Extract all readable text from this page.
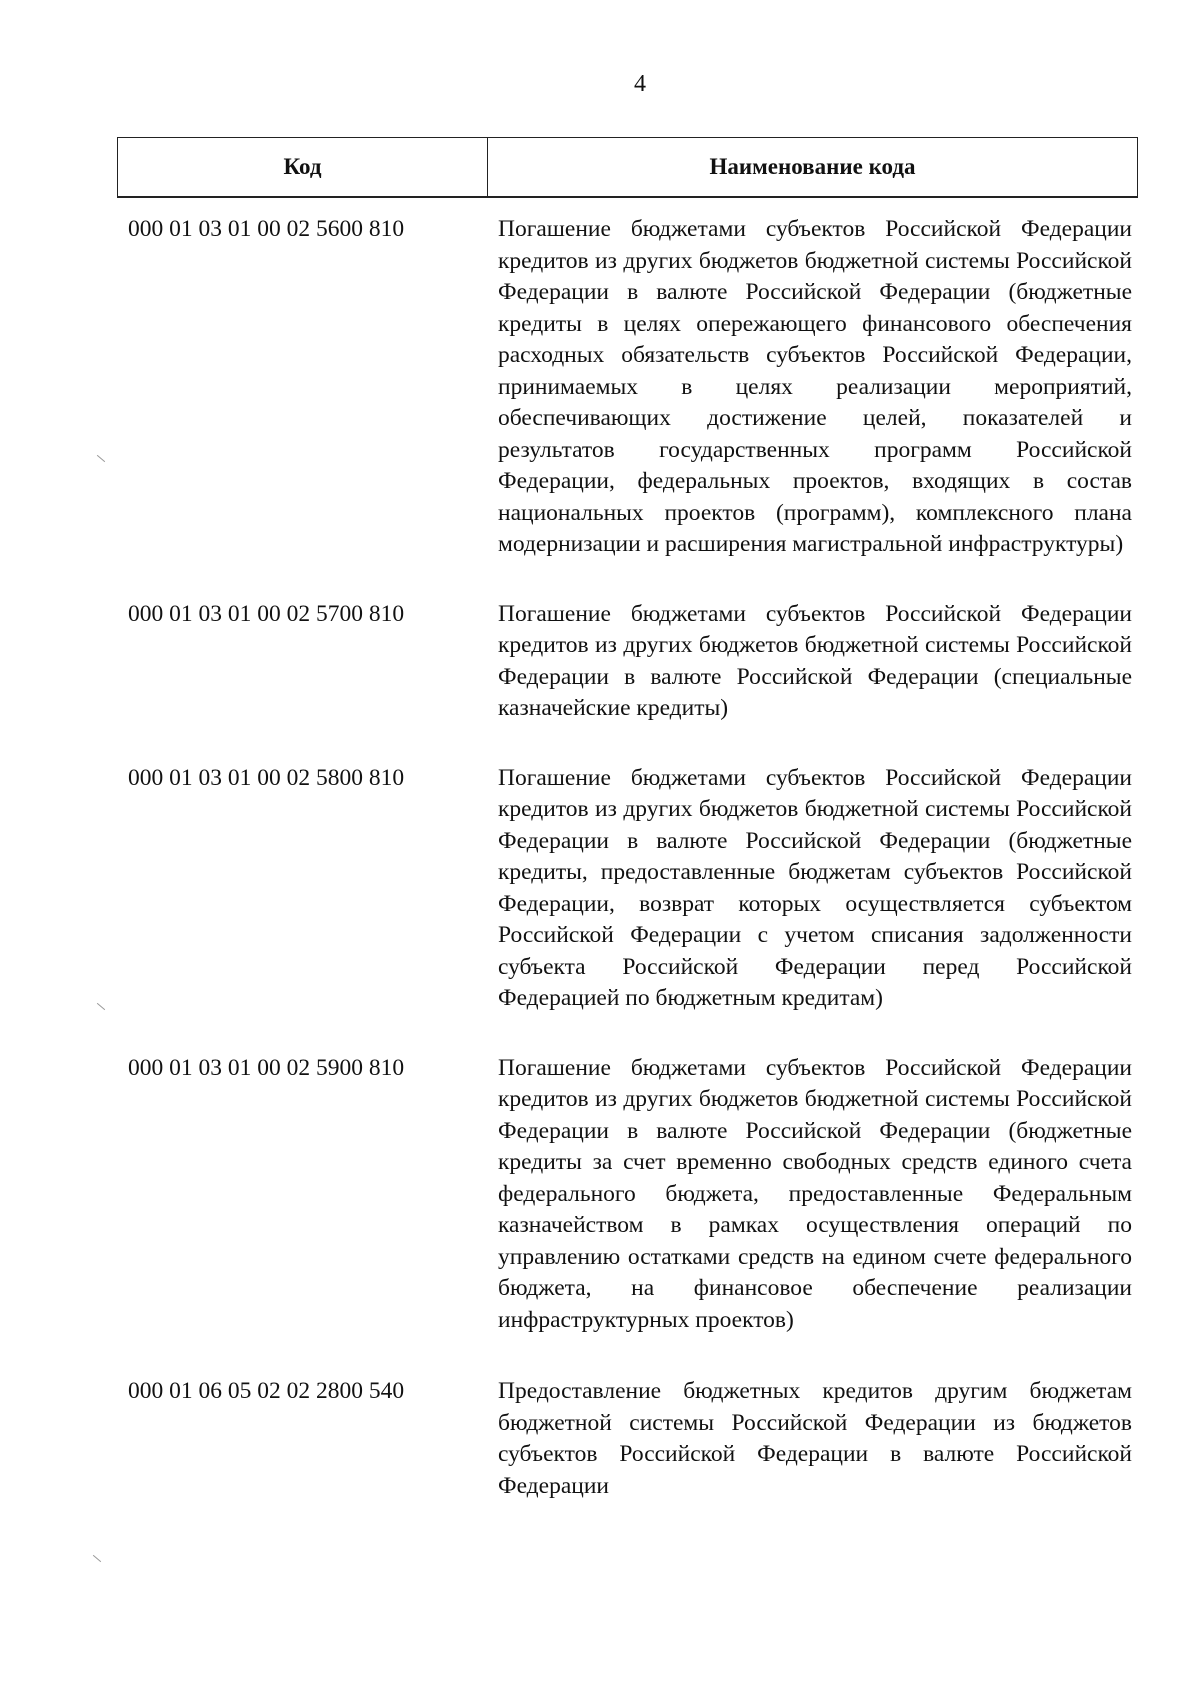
4
Код	Наименование кода
000 01 03 01 00 02 5600 810	Погашение бюджетами субъектов Российской Федерации кредитов из других бюджетов бюджетной системы Российской Федерации в валюте Российской Федерации (бюджетные кредиты в целях опережающего финансового обеспечения расходных обязательств субъектов Российской Федерации, принимаемых в целях реализации мероприятий, обеспечивающих достижение целей, показателей и результатов государственных программ Российской Федерации, федеральных проектов, входящих в состав национальных проектов (программ), комплексного плана модернизации и расширения магистральной инфраструктуры)
000 01 03 01 00 02 5700 810	Погашение бюджетами субъектов Российской Федерации кредитов из других бюджетов бюджетной системы Российской Федерации в валюте Российской Федерации (специальные казначейские кредиты)
000 01 03 01 00 02 5800 810	Погашение бюджетами субъектов Российской Федерации кредитов из других бюджетов бюджетной системы Российской Федерации в валюте Российской Федерации (бюджетные кредиты, предоставленные бюджетам субъектов Российской Федерации, возврат которых осуществляется субъектом Российской Федерации с учетом списания задолженности субъекта Российской Федерации перед Российской Федерацией по бюджетным кредитам)
000 01 03 01 00 02 5900 810	Погашение бюджетами субъектов Российской Федерации кредитов из других бюджетов бюджетной системы Российской Федерации в валюте Российской Федерации (бюджетные кредиты за счет временно свободных средств единого счета федерального бюджета, предоставленные Федеральным казначейством в рамках осуществления операций по управлению остатками средств на едином счете федерального бюджета, на финансовое обеспечение реализации инфраструктурных проектов)
000 01 06 05 02 02 2800 540	Предоставление бюджетных кредитов другим бюджетам бюджетной системы Российской Федерации из бюджетов субъектов Российской Федерации в валюте Российской Федерации
